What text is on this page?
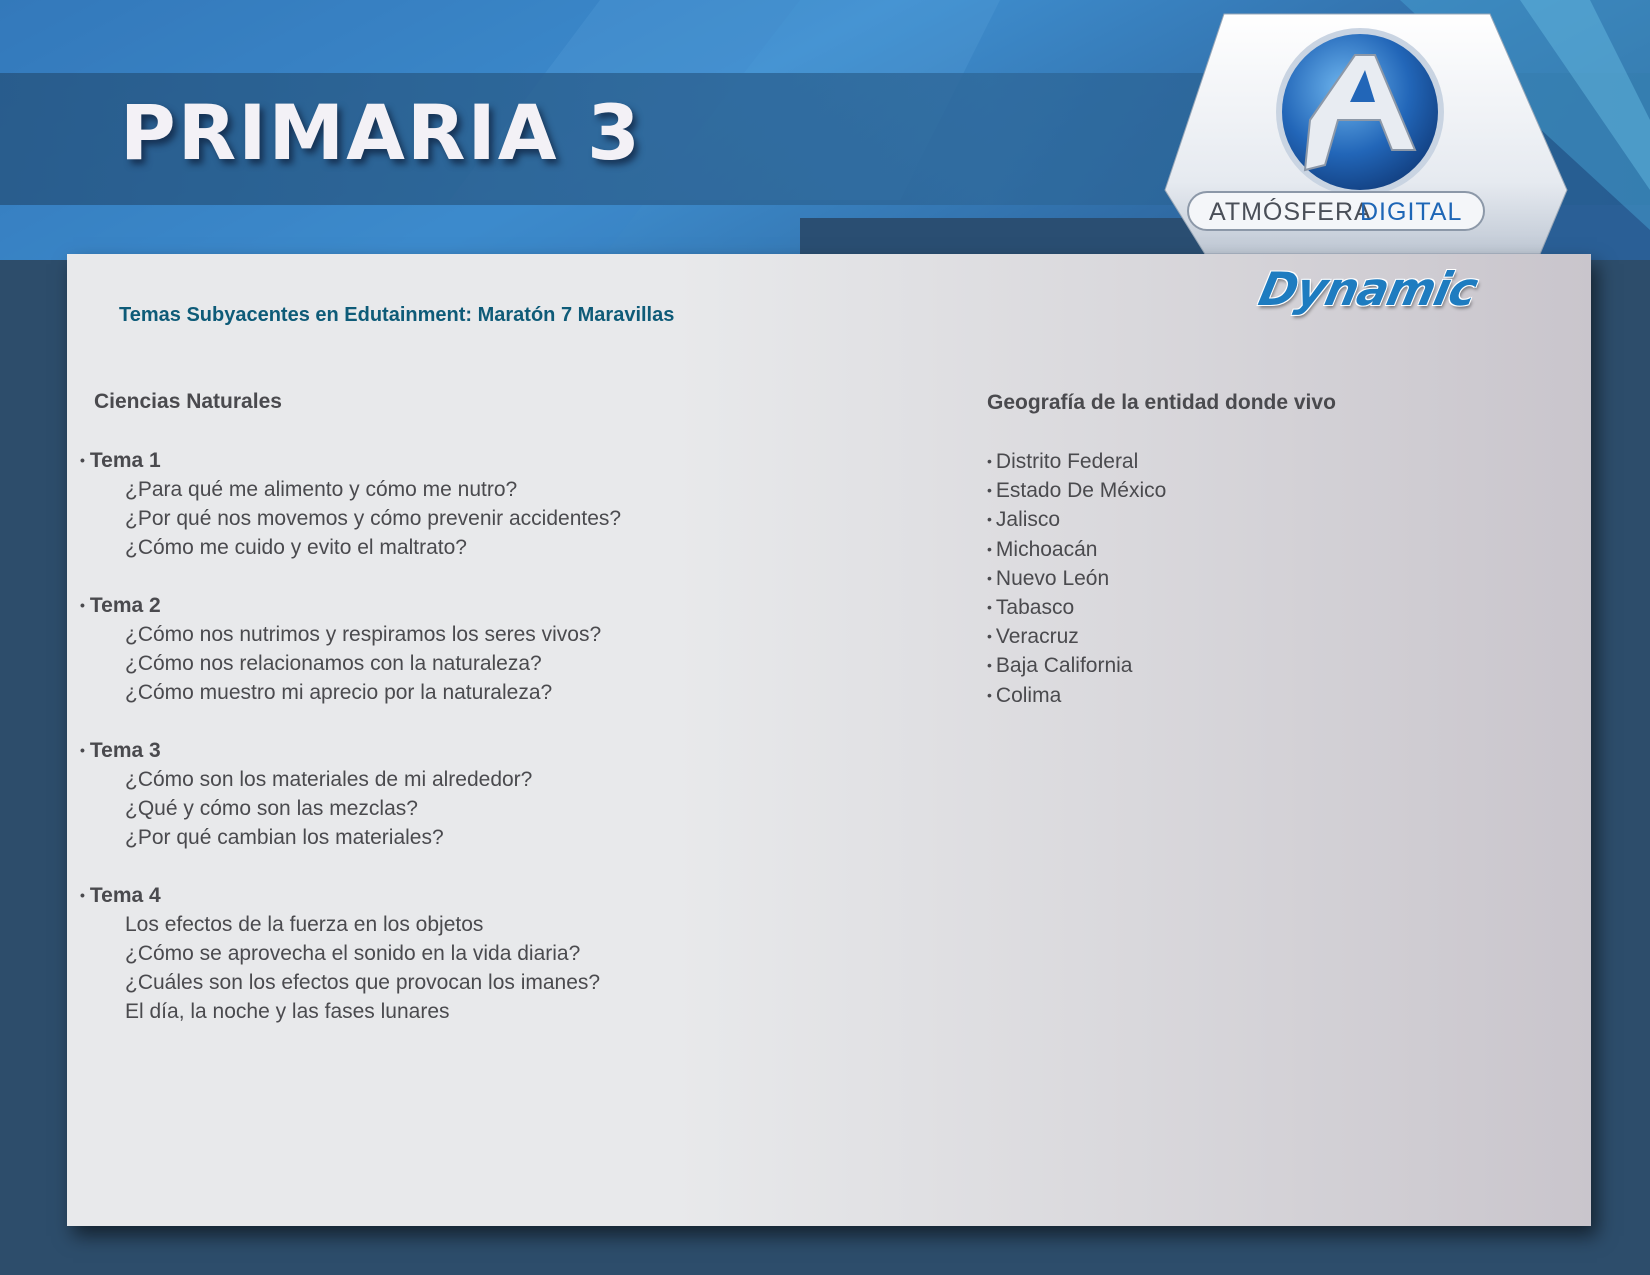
PRIMARIA 3
ATMÓSFERA
DIGITAL
Dynamic
Temas Subyacentes en Edutainment: Maratón 7 Maravillas
Ciencias Naturales
• Tema 1
¿Para qué me alimento y cómo me nutro?
¿Por qué nos movemos y cómo prevenir accidentes?
¿Cómo me cuido y evito el maltrato?
• Tema 2
¿Cómo nos nutrimos y respiramos los seres vivos?
¿Cómo nos relacionamos con la naturaleza?
¿Cómo muestro mi aprecio por la naturaleza?
• Tema 3
¿Cómo son los materiales de mi alrededor?
¿Qué y cómo son las mezclas?
¿Por qué cambian los materiales?
• Tema 4
Los efectos de la fuerza en los objetos
¿Cómo se aprovecha el sonido en la vida diaria?
¿Cuáles son los efectos que provocan los imanes?
El día, la noche y las fases lunares
Geografía de la entidad donde vivo
• Distrito Federal
• Estado De México
• Jalisco
• Michoacán
• Nuevo León
• Tabasco
• Veracruz
• Baja California
• Colima
